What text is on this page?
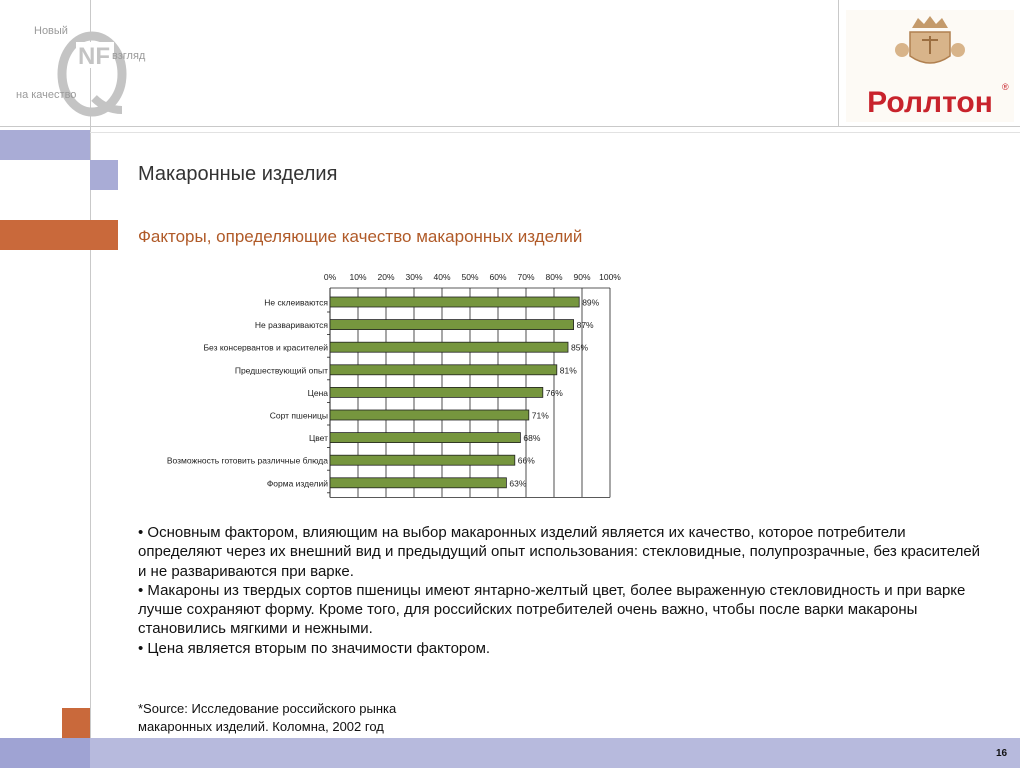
Новый
NF взгляд
на качество	Роллтон ®
Макаронные изделия
Факторы, определяющие качество макаронных изделий
0% 10% 20% 30% 40% 50% 60% 70% 80% 90% 100%
Не склеиваются	89%
Не развариваются	87%
Без консервантов и красителей	85%
Предшествующий опыт	81%
Цена	76%
Сорт пшеницы	71%
Цвет	68%
Возможность готовить различные блюда	66%
Форма изделий	63%

• Основным фактором, влияющим на выбор макаронных изделий является их качество, которое потребители определяют через их внешний вид и предыдущий опыт использования: стекловидные, полупрозрачные, без красителей и не развариваются при варке.

• Макароны из твердых сортов пшеницы имеют янтарно-желтый цвет, более выраженную стекловидность и при варке лучше сохраняют форму. Кроме того, для российских потребителей очень важно, чтобы после варки макароны становились мягкими и нежными.

• Цена является вторым по значимости фактором.

*Source: Исследование российского рынка
макаронных изделий. Коломна, 2002 год
16
